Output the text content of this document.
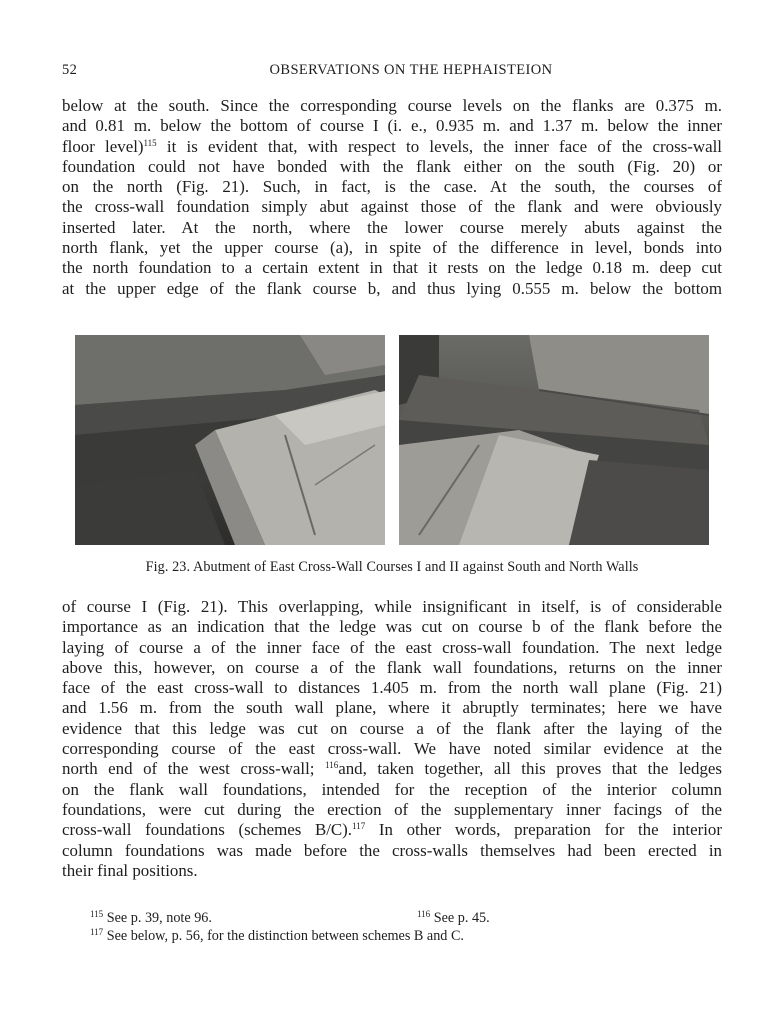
52	OBSERVATIONS ON THE HEPHAISTEION
below at the south. Since the corresponding course levels on the flanks are 0.375 m.
and 0.81 m. below the bottom of course I (i. e., 0.935 m. and 1.37 m. below the inner
floor level)$^{115}$ it is evident that, with respect to levels, the inner face of the cross-wall
foundation could not have bonded with the flank either on the south (Fig. 20) or
on the north (Fig. 21). Such, in fact, is the case. At the south, the courses of
the cross-wall foundation simply abut against those of the flank and were obviously
inserted later. At the north, where the lower course merely abuts against the
north flank, yet the upper course (a), in spite of the difference in level, bonds into
the north foundation to a certain extent in that it rests on the ledge 0.18 m. deep cut
at the upper edge of the flank course b, and thus lying 0.555 m. below the bottom
Fig. 23. Abutment of East Cross-Wall Courses I and II against South and North Walls
of course I (Fig. 21). This overlapping, while insignificant in itself, is of considerable
importance as an indication that the ledge was cut on course b of the flank before the
laying of course a of the inner face of the east cross-wall foundation. The next ledge
above this, however, on course a of the flank wall foundations, returns on the inner
face of the east cross-wall to distances 1.405 m. from the north wall plane (Fig. 21)
and 1.56 m. from the south wall plane, where it abruptly terminates; here we have
evidence that this ledge was cut on course a of the flank after the laying of the
corresponding course of the east cross-wall. We have noted similar evidence at the
north end of the west cross-wall; $^{116}$and, taken together, all this proves that the ledges
on the flank wall foundations, intended for the reception of the interior column
foundations, were cut during the erection of the supplementary inner facings of the
cross-wall foundations (schemes B/C).$^{117}$ In other words, preparation for the interior
column foundations was made before the cross-walls themselves had been erected in
their final positions.
$^{115}$ See p. 39, note 96.	$^{116}$ See p. 45.
$^{117}$ See below, p. 56, for the distinction between schemes B and C.
